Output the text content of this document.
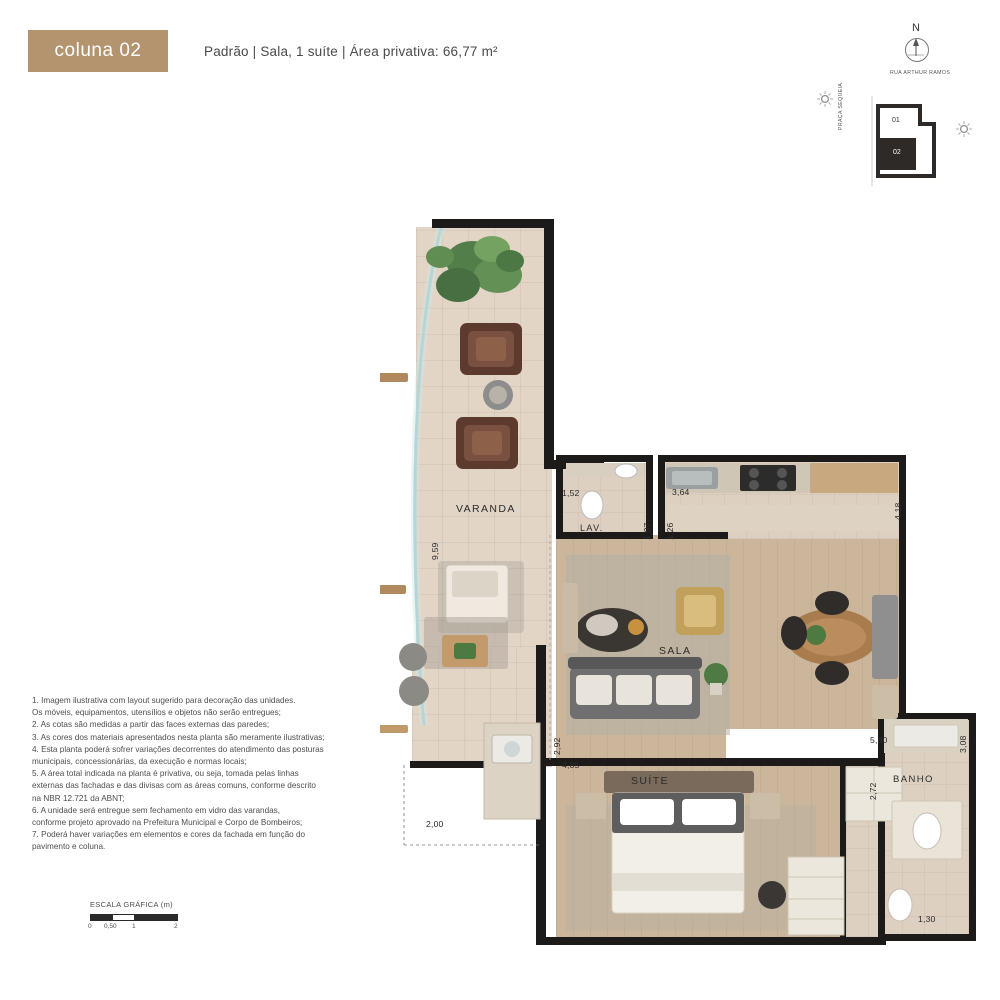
coluna 02	Padrão | Sala, 1 suíte | Área privativa: 66,77 m²
N
RUA ARTHUR RAMOS
PRAÇA SEQUEIA	01
02

1. Imagem ilustrativa com layout sugerido para decoração das unidades.

Os móveis, equipamentos, utensílios e objetos não serão entregues;

2. As cotas são medidas a partir das faces externas das paredes;

3. As cores dos materiais apresentados nesta planta são meramente ilustrativas;

4. Esta planta poderá sofrer variações decorrentes do atendimento das posturas

municipais, concessionárias, da execução e normas locais;

5. A área total indicada na planta é privativa, ou seja, tomada pelas linhas

externas das fachadas e das divisas com as áreas comuns, conforme descrito

na NBR 12.721 da ABNT;

6. A unidade será entregue sem fechamento em vidro das varandas,

conforme projeto aprovado na Prefeitura Municipal e Corpo de Bombeiros;

7. Poderá haver variações em elementos e cores da fachada em função do

pavimento e coluna.

ESCALA GRÁFICA (m)
0 0,50 1	2
VARANDA
LAV.
SALA
SUÍTE	BANHO
9,59
2,00
1,52
1,07
3,64
1,26
4,18
2,92
4,85
5,80	3,08
2,72
1,30
